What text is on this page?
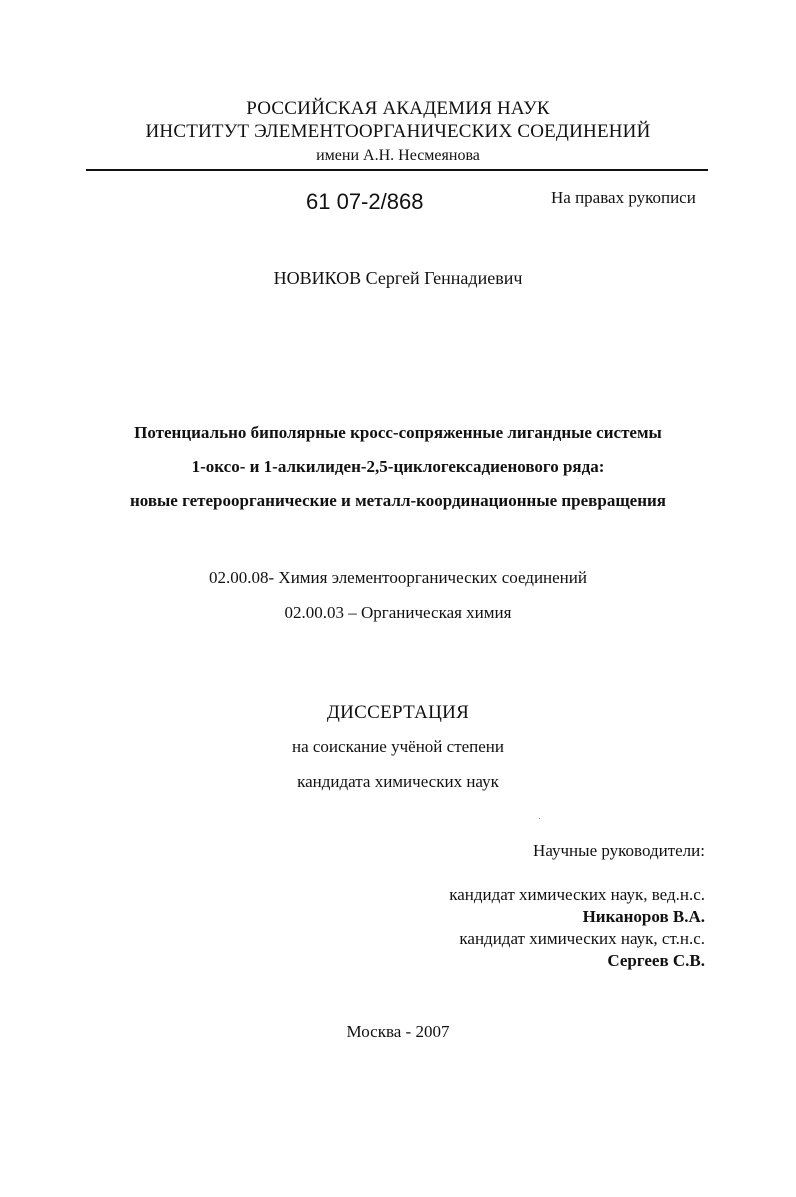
РОССИЙСКАЯ АКАДЕМИЯ НАУК
ИНСТИТУТ ЭЛЕМЕНТООРГАНИЧЕСКИХ СОЕДИНЕНИЙ
имени А.Н. Несмеянова
61 07-2/868	На правах рукописи
НОВИКОВ Сергей Геннадиевич
Потенциально биполярные кросс-сопряженные лигандные системы
1-оксо- и 1-алкилиден-2,5-циклогексадиенового ряда:
новые гетероорганические и металл-координационные превращения
02.00.08- Химия элементоорганических соединений
02.00.03 – Органическая химия
ДИССЕРТАЦИЯ
на соискание учёной степени
кандидата химических наук
Научные руководители:
кандидат химических наук, вед.н.с.
Никаноров В.А.
кандидат химических наук, ст.н.с.
Сергеев С.В.
Москва - 2007
